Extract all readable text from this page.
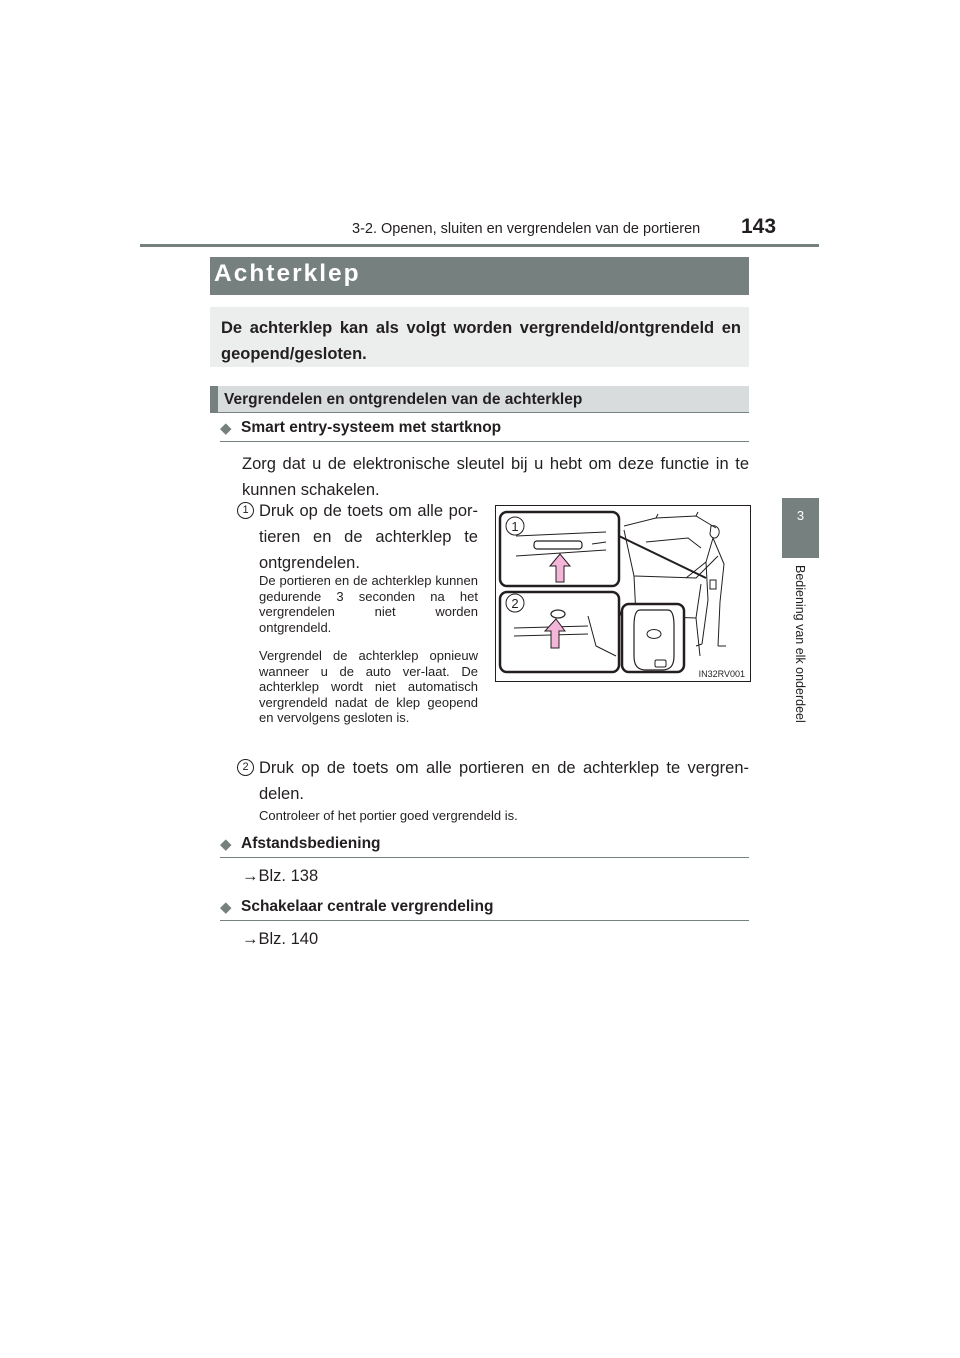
3-2. Openen, sluiten en vergrendelen van de portieren 143
3
Bediening van elk onderdeel
Achterklep
De achterklep kan als volgt worden vergrendeld/ontgrendeld en geopend/gesloten.
Vergrendelen en ontgrendelen van de achterklep
◆ Smart entry-systeem met startknop
Zorg dat u de elektronische sleutel bij u hebt om deze functie in te kunnen schakelen.
1 Druk op de toets om alle por-tieren en de achterklep te ontgrendelen.
De portieren en de achterklep kunnen gedurende 3 seconden na het vergrendelen niet worden ontgrendeld.
Vergrendel de achterklep opnieuw wanneer u de auto ver-laat. De achterklep wordt niet automatisch vergrendeld nadat de klep geopend en vervolgens gesloten is.
1
2
IN32RV001
2 Druk op de toets om alle portieren en de achterklep te vergren-delen.
Controleer of het portier goed vergrendeld is.
◆ Afstandsbediening
→Blz. 138
◆ Schakelaar centrale vergrendeling
→Blz. 140
